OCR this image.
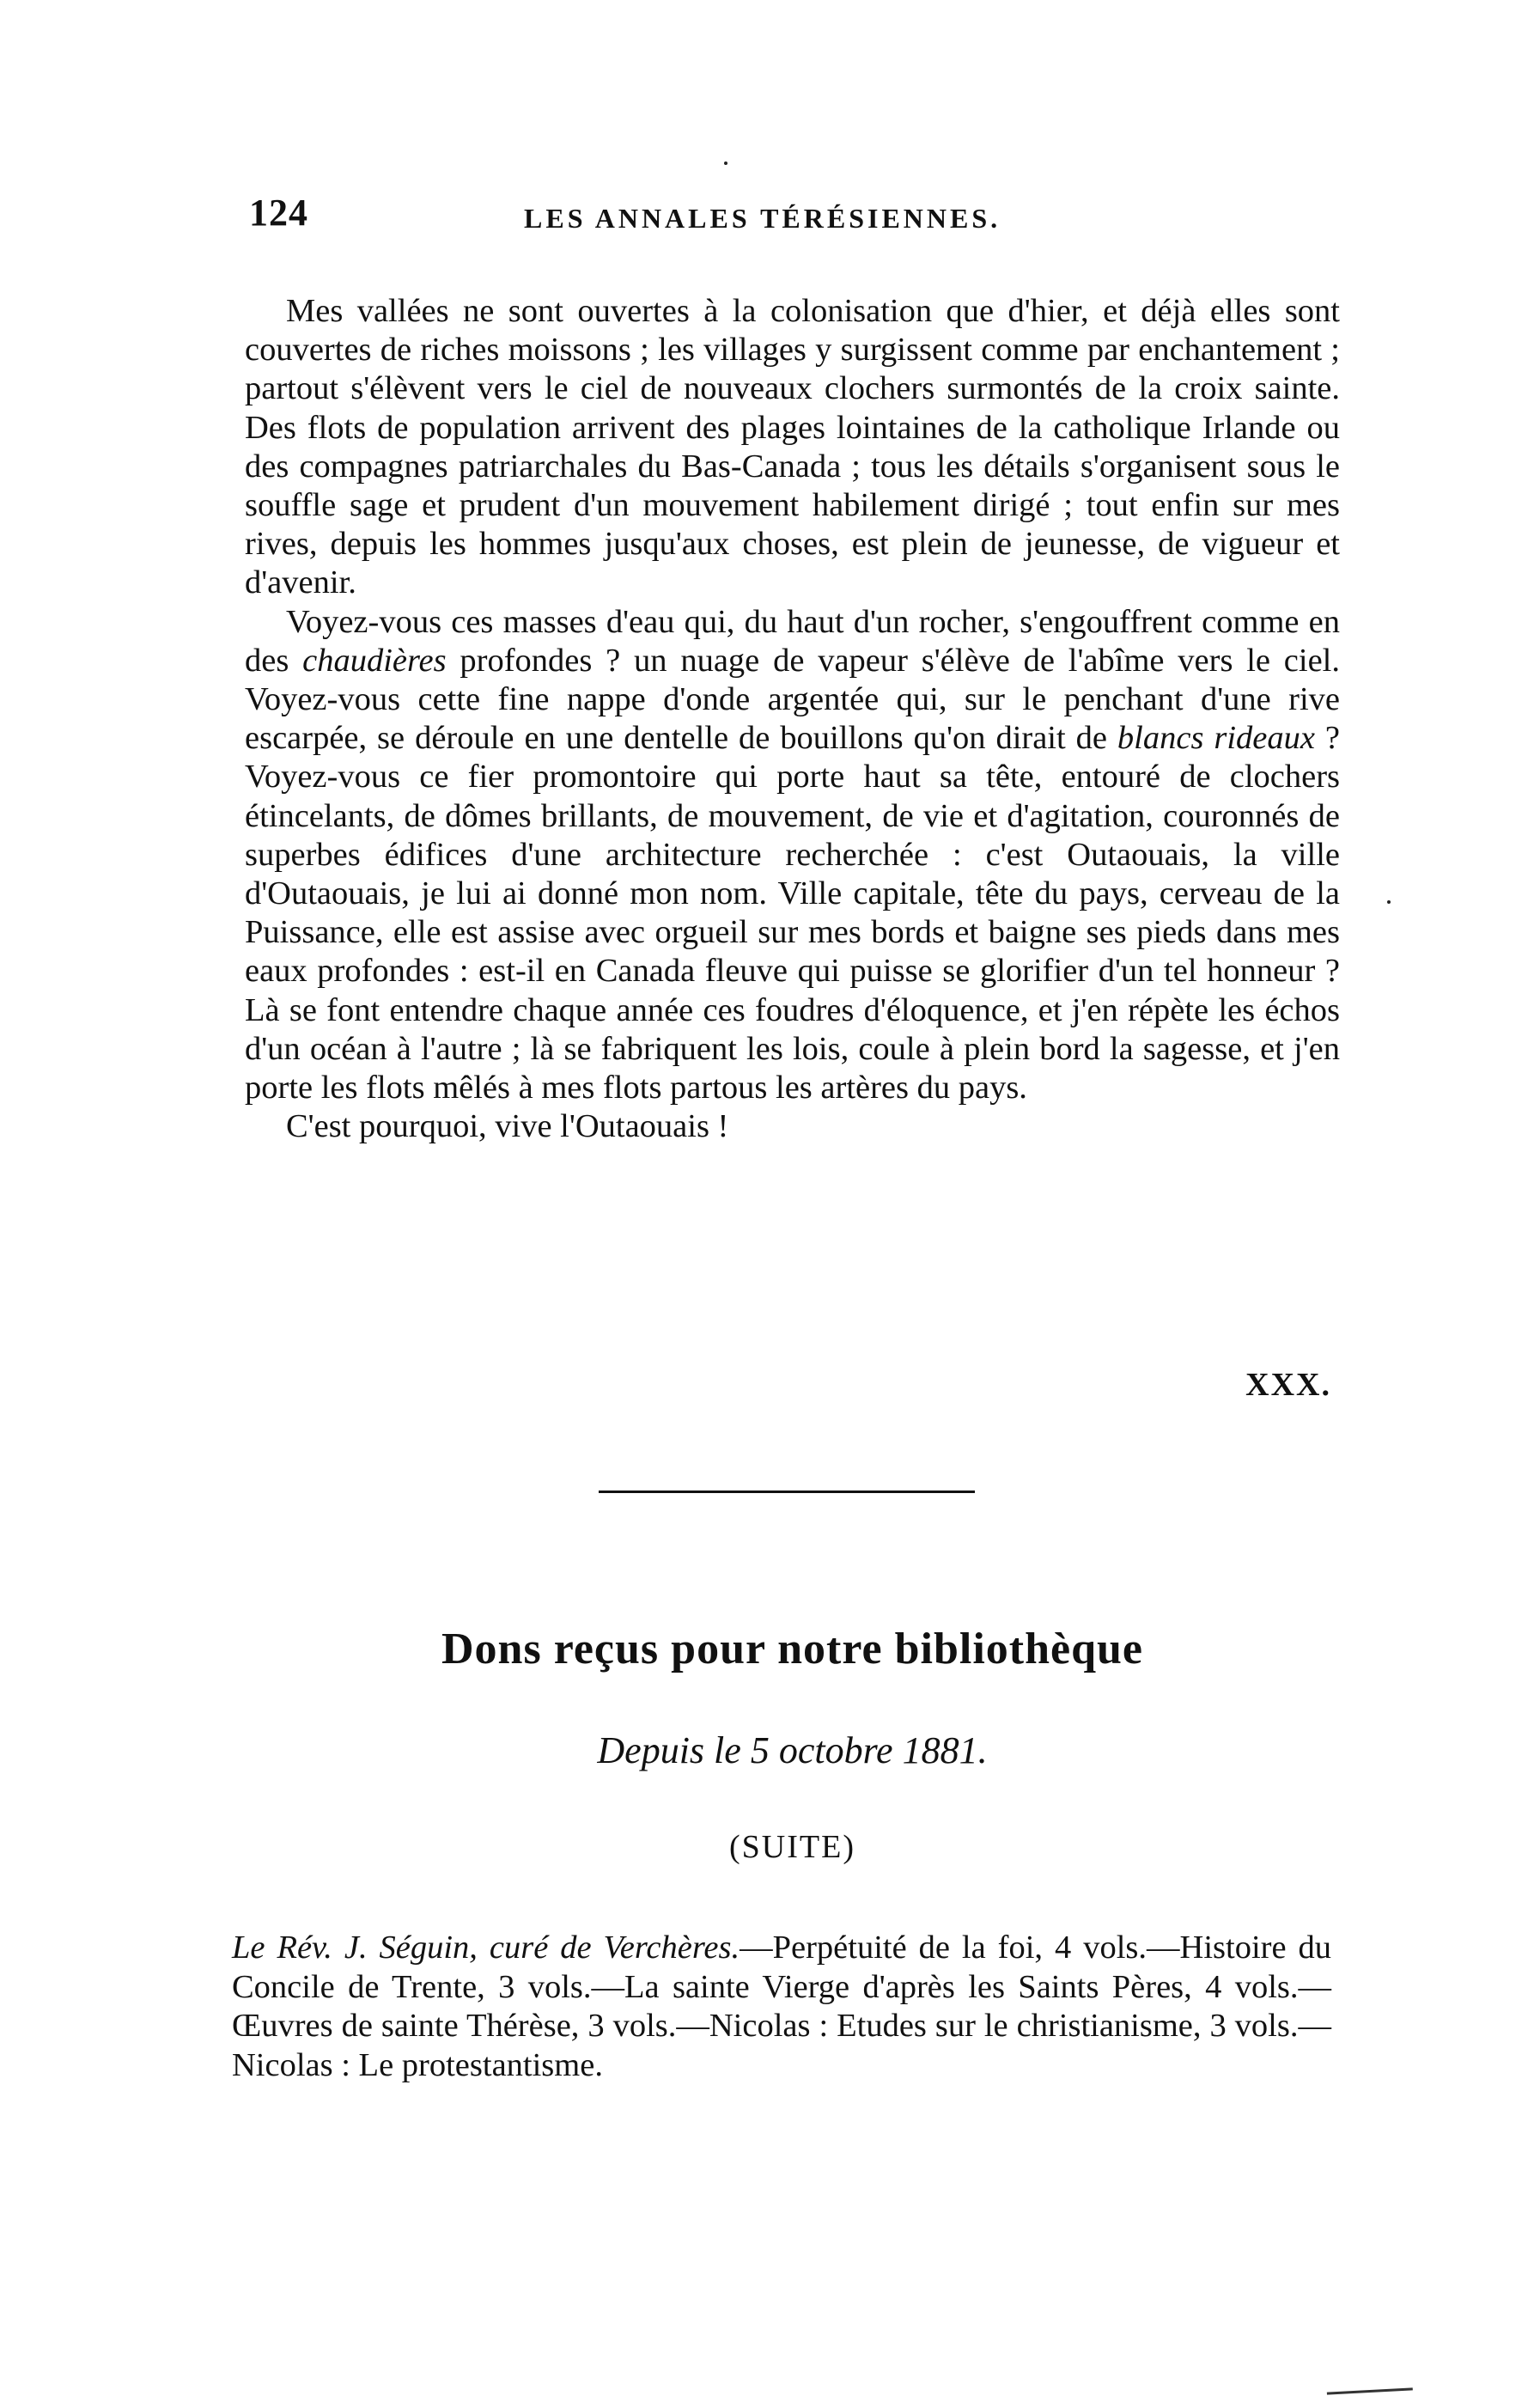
124	LES ANNALES TÉRÉSIENNES.

Mes vallées ne sont ouvertes à la colonisation que d'hier, et déjà elles sont couvertes de riches moissons ; les villages y surgissent comme par enchantement ; partout s'élèvent vers le ciel de nouveaux clochers surmontés de la croix sainte. Des flots de population arrivent des plages lointaines de la catholique Irlande ou des compagnes patriarchales du Bas-Canada ; tous les détails s'organisent sous le souffle sage et prudent d'un mouvement habilement dirigé ; tout enfin sur mes rives, depuis les hommes jusqu'aux choses, est plein de jeunesse, de vigueur et d'avenir.

Voyez-vous ces masses d'eau qui, du haut d'un rocher, s'engouffrent comme en des chaudières profondes ? un nuage de vapeur s'élève de l'abîme vers le ciel. Voyez-vous cette fine nappe d'onde argentée qui, sur le penchant d'une rive escarpée, se déroule en une dentelle de bouillons qu'on dirait de blancs rideaux ? Voyez-vous ce fier promontoire qui porte haut sa tête, entouré de clochers étincelants, de dômes brillants, de mouvement, de vie et d'agitation, couronnés de superbes édifices d'une architecture recherchée : c'est Outaouais, la ville d'Outaouais, je lui ai donné mon nom. Ville capitale, tête du pays, cerveau de la Puissance, elle est assise avec orgueil sur mes bords et baigne ses pieds dans mes eaux profondes : est-il en Canada fleuve qui puisse se glorifier d'un tel honneur ? Là se font entendre chaque année ces foudres d'éloquence, et j'en répète les échos d'un océan à l'autre ; là se fabriquent les lois, coule à plein bord la sagesse, et j'en porte les flots mêlés à mes flots partous les artères du pays.

C'est pourquoi, vive l'Outaouais !

XXX.
Dons reçus pour notre bibliothèque
Depuis le 5 octobre 1881.
(SUITE)
Le Rév. J. Séguin, curé de Verchères.—Perpétuité de la foi, 4 vols.—Histoire du Concile de Trente, 3 vols.—La sainte Vierge d'après les Saints Pères, 4 vols.—Œuvres de sainte Thérèse, 3 vols.—Nicolas : Etudes sur le christianisme, 3 vols.—Nicolas : Le protestantisme.
